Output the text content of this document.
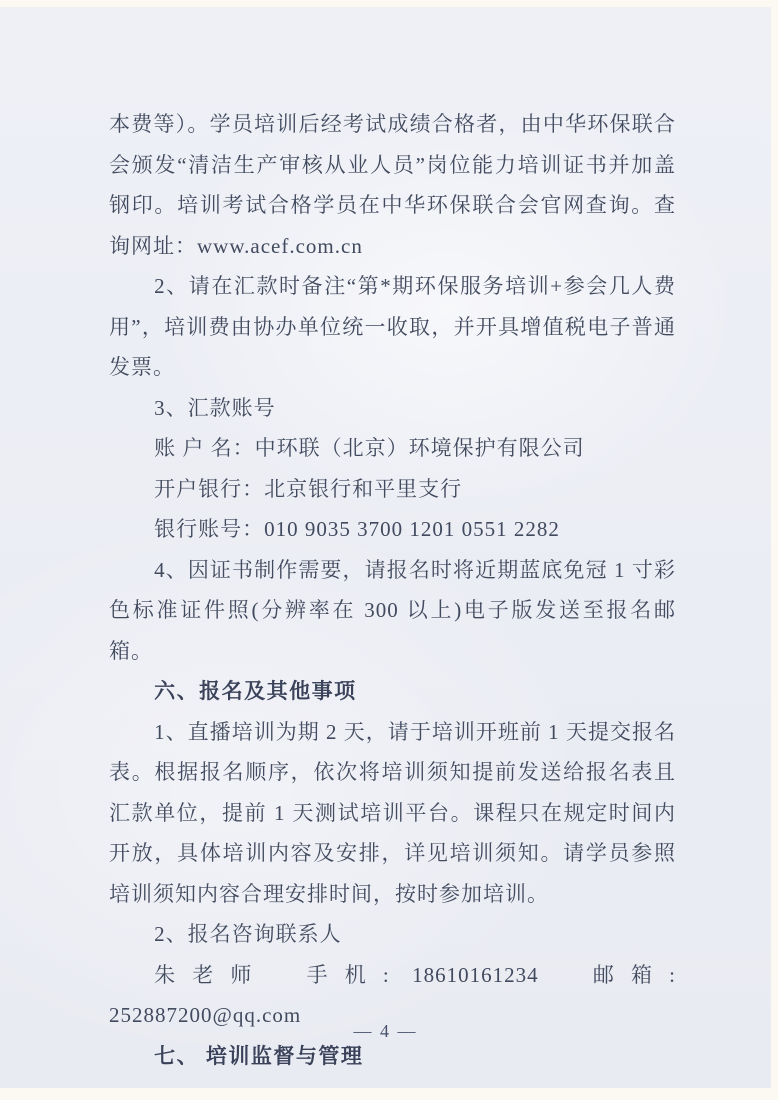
本费等）。学员培训后经考试成绩合格者，由中华环保联合会颁发“清洁生产审核从业人员”岗位能力培训证书并加盖钢印。培训考试合格学员在中华环保联合会官网查询。查询网址：www.acef.com.cn

2、请在汇款时备注“第*期环保服务培训+参会几人费用”，培训费由协办单位统一收取，并开具增值税电子普通发票。

3、汇款账号

账 户 名：中环联（北京）环境保护有限公司

开户银行：北京银行和平里支行

银行账号：010 9035 3700 1201 0551 2282

4、因证书制作需要，请报名时将近期蓝底免冠 1 寸彩色标准证件照(分辨率在 300 以上)电子版发送至报名邮箱。

六、报名及其他事项

1、直播培训为期 2 天，请于培训开班前 1 天提交报名表。根据报名顺序，依次将培训须知提前发送给报名表且汇款单位，提前 1 天测试培训平台。课程只在规定时间内开放，具体培训内容及安排，详见培训须知。请学员参照培训须知内容合理安排时间，按时参加培训。

2、报名咨询联系人

朱老师　手机: 18610161234　邮箱: 252887200@qq.com

七、 培训监督与管理

— 4 —
